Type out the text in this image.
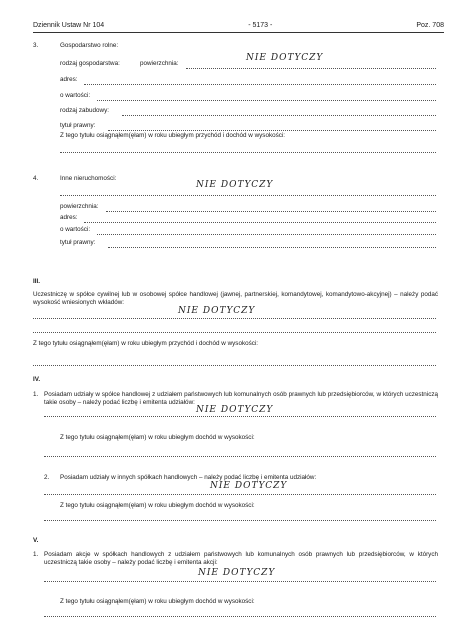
Dziennik Ustaw Nr 104	- 5173 -	Poz. 708
3.	Gospodarstwo rolne:
rodzaj gospodarstwa:	powierzchnia:
NIE DOTYCZY
adres:
o wartości:
rodzaj zabudowy:
tytuł prawny:
Z tego tytułu osiągnąłem(ęłam) w roku ubiegłym przychód i dochód w wysokości:
4.	Inne nieruchomości:
NIE DOTYCZY
powierzchnia:
adres:
o wartości:
tytuł prawny:
III.
Uczestniczę w spółce cywilnej lub w osobowej spółce handlowej (jawnej, partnerskiej, komandytowej, komandytowo-akcyjnej) – należy podać wysokość wniesionych wkładów:
NIE DOTYCZY
Z tego tytułu osiągnąłem(ęłam) w roku ubiegłym przychód i dochód w wysokości:
IV.
1. Posiadam udziały w spółce handlowej z udziałem państwowych lub komunalnych osób prawnych lub przedsiębiorców, w których uczestniczą takie osoby – należy podać liczbę i emitenta udziałów:
NIE DOTYCZY
Z tego tytułu osiągnąłem(ęłam) w roku ubiegłym dochód w wysokości:
2. Posiadam udziały w innych spółkach handlowych – należy podać liczbę i emitenta udziałów:
NIE DOTYCZY
Z tego tytułu osiągnąłem(ęłam) w roku ubiegłym dochód w wysokości:
V.
1. Posiadam akcje w spółkach handlowych z udziałem państwowych lub komunalnych osób prawnych lub przedsiębiorców, w których uczestniczą takie osoby – należy podać liczbę i emitenta akcji:
NIE DOTYCZY
Z tego tytułu osiągnąłem(ęłam) w roku ubiegłym dochód w wysokości:
